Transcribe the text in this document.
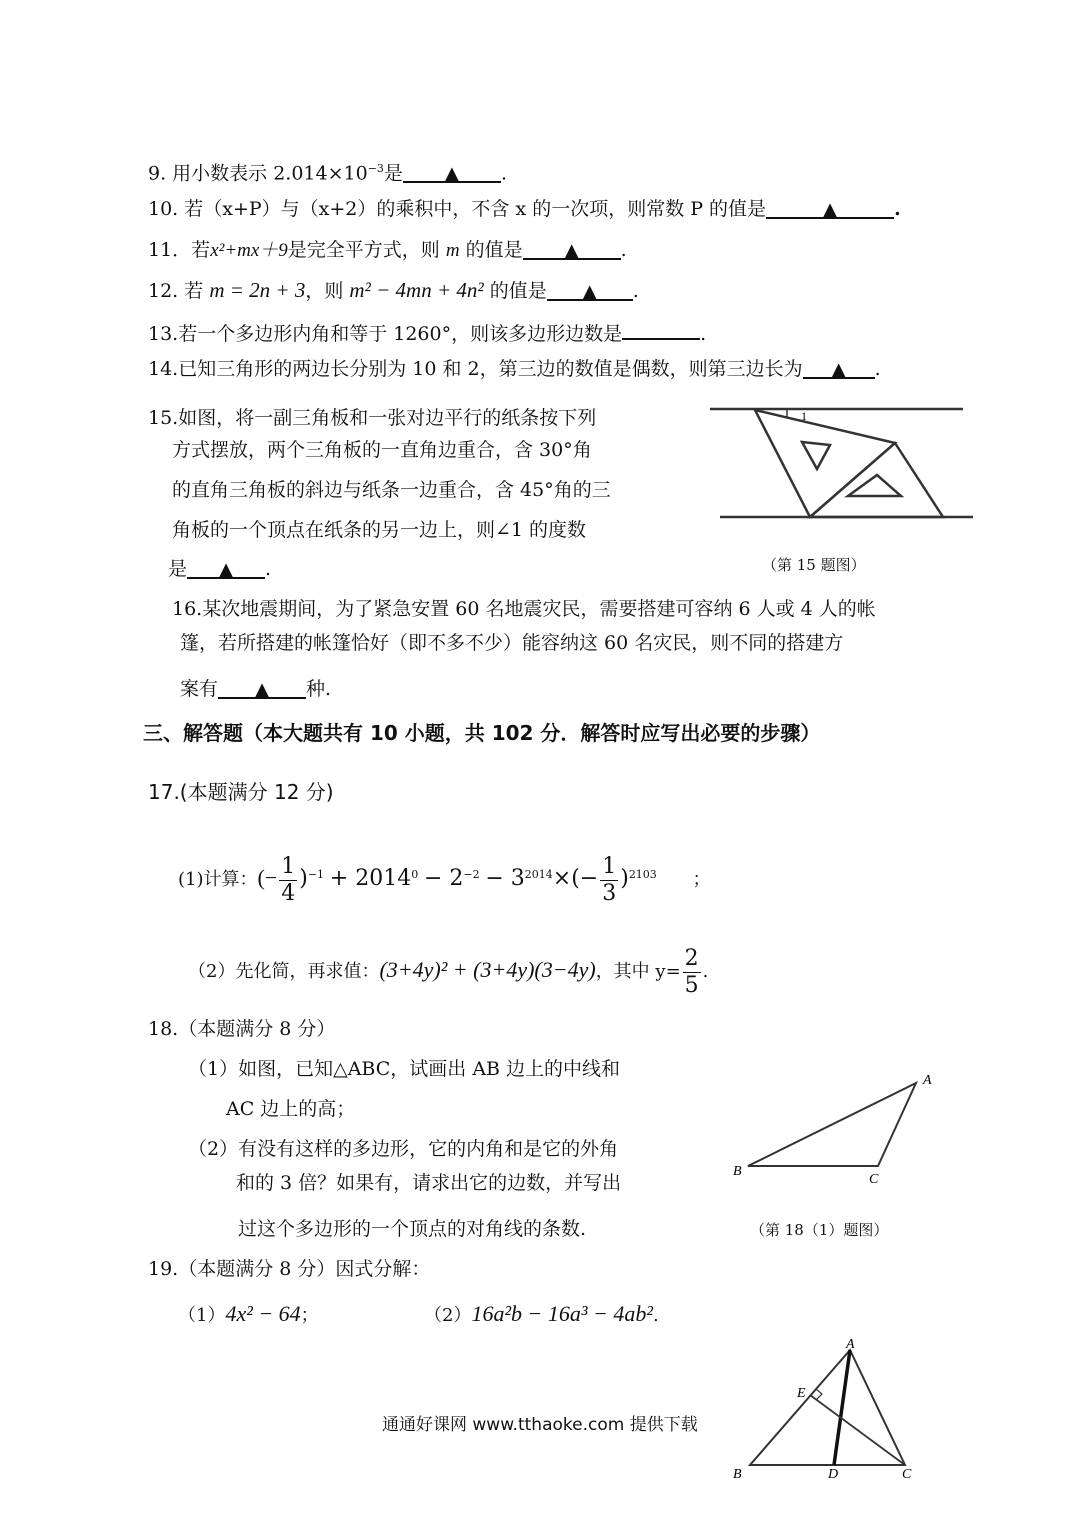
9. 用小数表示 $2.014\times 10^{-3}$是 ▲ .
10. 若（x+P）与（x+2）的乘积中，不含 x 的一次项，则常数 P 的值是	▲	.
11．若x²+mx＋9是完全平方式，则 m 的值是 ▲ .
12. 若 m = 2n + 3，则 m² − 4mn + 4n² 的值是 ▲ .
13.若一个多边形内角和等于 1260°，则该多边形边数是	.
14.已知三角形的两边长分别为 10 和 2，第三边的数值是偶数，则第三边长为 ▲ .
15.如图，将一副三角板和一张对边平行的纸条按下列
方式摆放，两个三角板的一直角边重合，含 30°角
的直角三角板的斜边与纸条一边重合，含 45°角的三
角板的一个顶点在纸条的另一边上，则∠1 的度数
是 ▲ .
1
（第 15 题图）
16.某次地震期间，为了紧急安置 60 名地震灾民，需要搭建可容纳 6 人或 4 人的帐
篷，若所搭建的帐篷恰好（即不多不少）能容纳这 60 名灾民，则不同的搭建方
案有 ▲ 种.
三、解答题（本大题共有 10 小题，共 102 分．解答时应写出必要的步骤）
17.(本题满分 12 分)
(1)计算：(− $\frac{1}{4} )^{-1} + 2014^0 - 2^{-2} - 3^{2014}\times(- \frac{1}{3} )^{2103}$ ；
（2）先化简，再求值：(3+4y)² + (3+4y)(3−4y)，其中 $y= \frac{2}{5}$ .
18.（本题满分 8 分）
（1）如图，已知△ABC，试画出 AB 边上的中线和
AC 边上的高；
（2）有没有这样的多边形，它的内角和是它的外角
和的 3 倍？如果有，请求出它的边数，并写出
过这个多边形的一个顶点的对角线的条数.
A
B
C
（第 18（1）题图）
19.（本题满分 8 分）因式分解：
（1）4x² − 64；	（2）16a²b − 16a³ − 4ab².
A
E
B	D	C
通通好课网 www.tthaoke.com 提供下载
